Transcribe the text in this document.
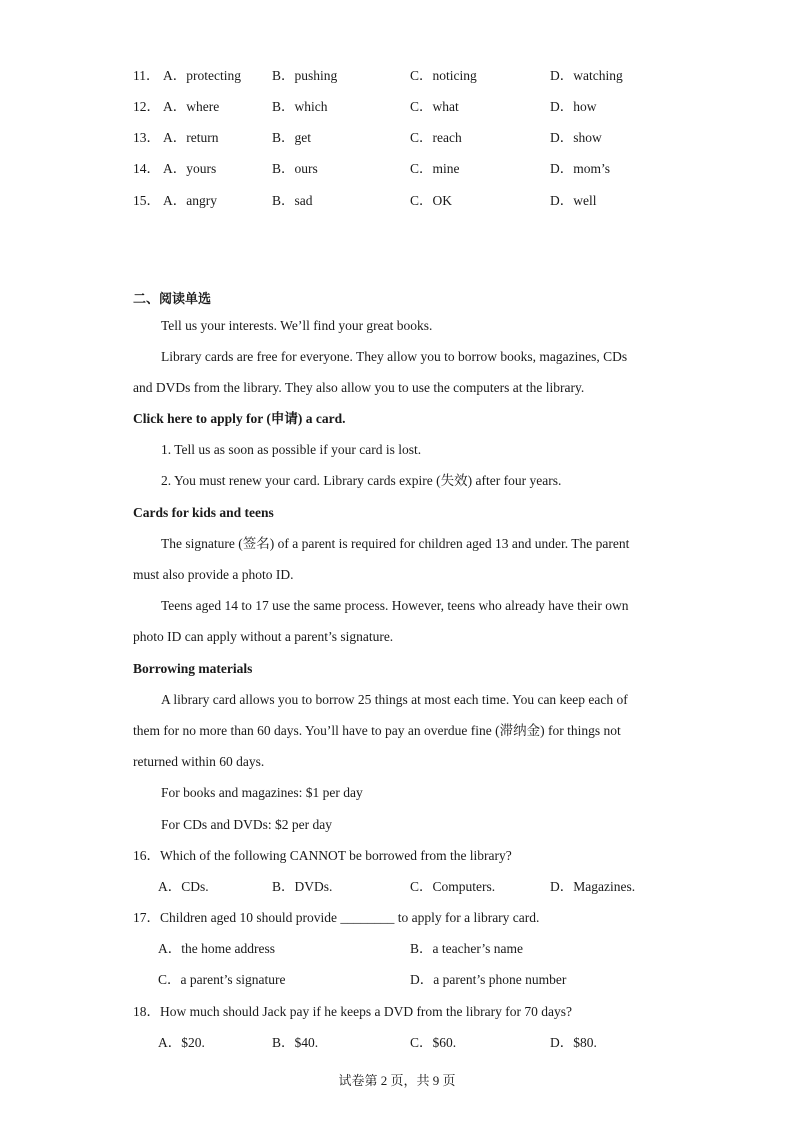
11． A．protecting B．pushing	C．noticing	D．watching
12． A．where	B．which	C．what	D．how
13． A．return	B．get	C．reach	D．show
14． A．yours	B．ours	C．mine	D．mom’s
15． A．angry	B．sad	C．OK	D．well
二、阅读单选
Tell us your interests. We’ll find your great books.
Library cards are free for everyone. They allow you to borrow books, magazines, CDs
and DVDs from the library. They also allow you to use the computers at the library.
Click here to apply for (申请) a card.
1. Tell us as soon as possible if your card is lost.
2. You must renew your card. Library cards expire (失效) after four years.
Cards for kids and teens
The signature (签名) of a parent is required for children aged 13 and under. The parent
must also provide a photo ID.
Teens aged 14 to 17 use the same process. However, teens who already have their own
photo ID can apply without a parent’s signature.
Borrowing materials
A library card allows you to borrow 25 things at most each time. You can keep each of
them for no more than 60 days. You’ll have to pay an overdue fine (滞纳金) for things not
returned within 60 days.
For books and magazines: $1 per day
For CDs and DVDs: $2 per day
16．Which of the following CANNOT be borrowed from the library?
A．CDs.	B．DVDs.	C．Computers.	D．Magazines.
17．Children aged 10 should provide ________ to apply for a library card.
A．the home address	B．a teacher’s name
C．a parent’s signature	D．a parent’s phone number
18．How much should Jack pay if he keeps a DVD from the library for 70 days?
A．$20.	B．$40.	C．$60.	D．$80.
试卷第 2 页，共 9 页
